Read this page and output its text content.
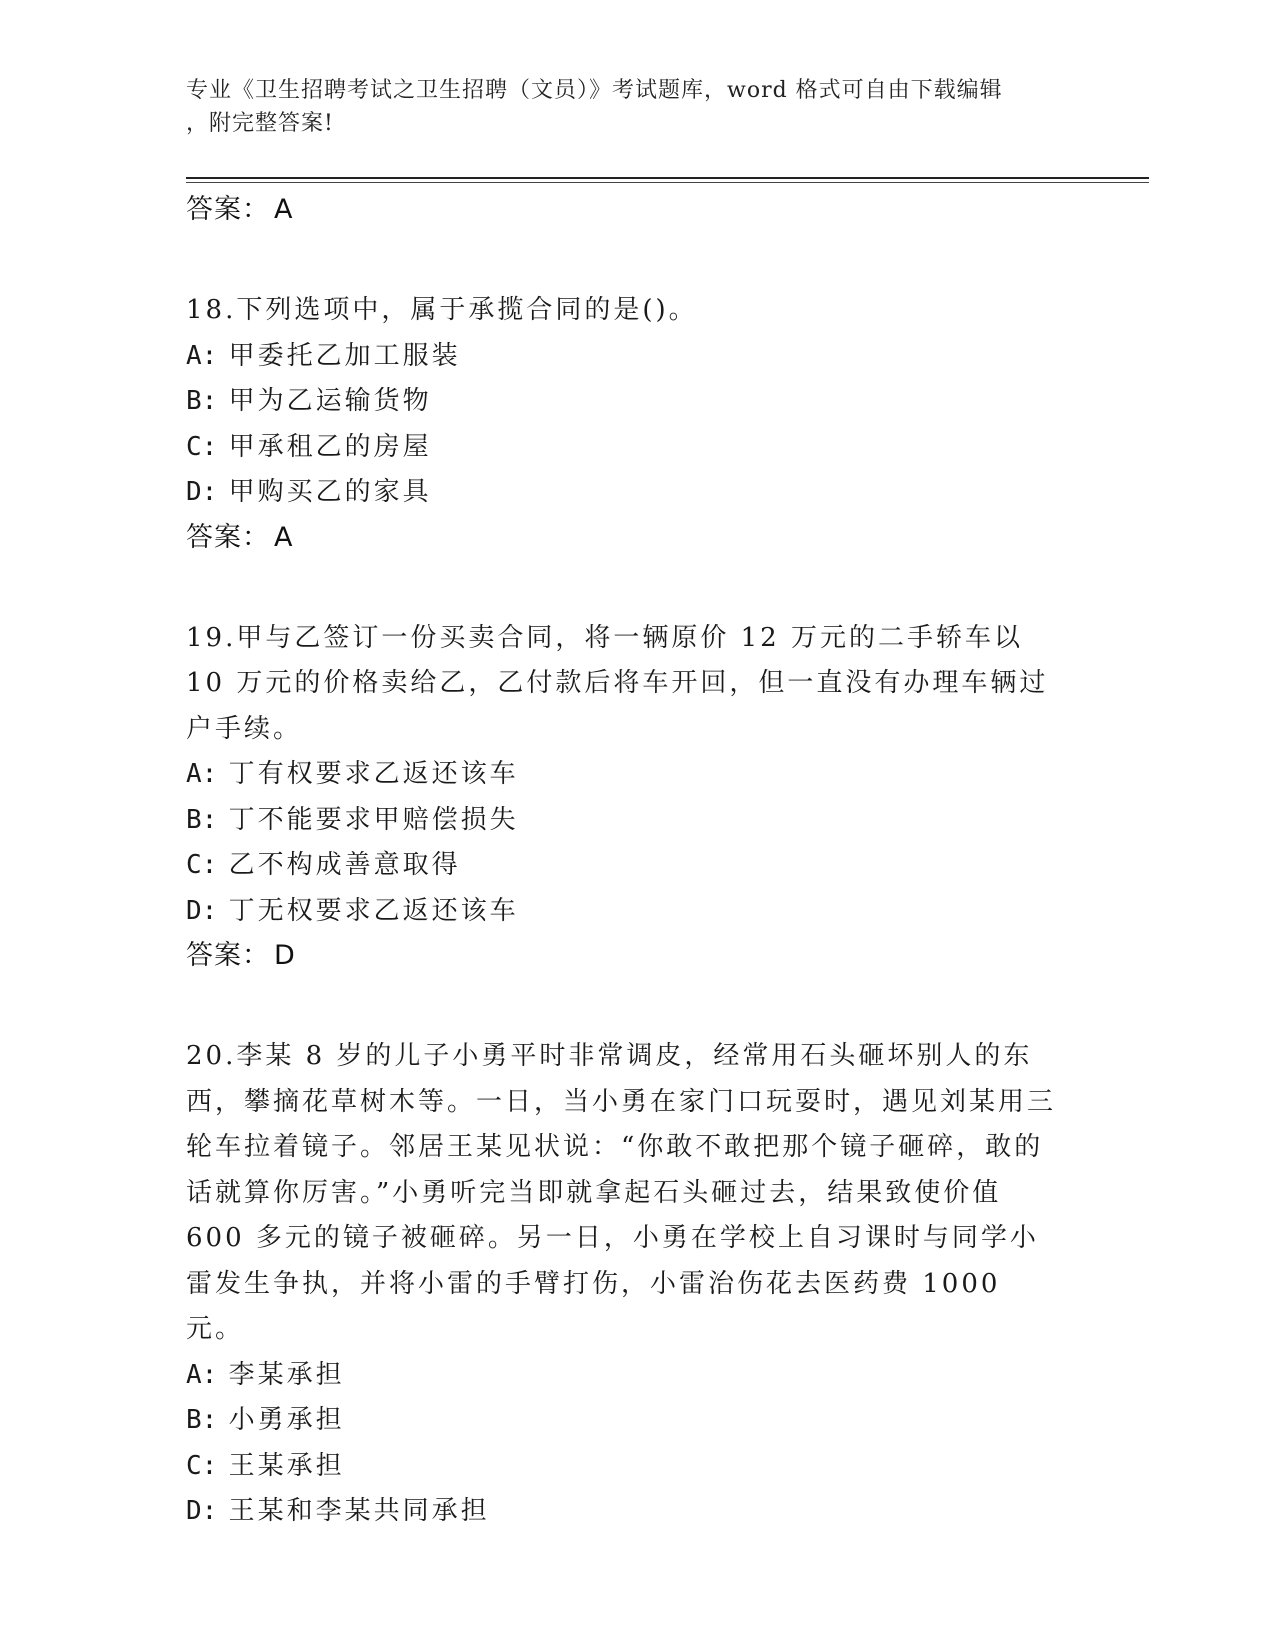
专业《卫生招聘考试之卫生招聘（文员）》考试题库，word 格式可自由下载编辑
，附完整答案!

答案： A

18.下列选项中，属于承揽合同的是()。

A: 甲委托乙加工服装

B: 甲为乙运输货物

C: 甲承租乙的房屋

D: 甲购买乙的家具

答案： A

19.甲与乙签订一份买卖合同，将一辆原价 12 万元的二手轿车以 10 万元的价格卖给乙，乙付款后将车开回，但一直没有办理车辆过户手续。

A: 丁有权要求乙返还该车

B: 丁不能要求甲赔偿损失

C: 乙不构成善意取得

D: 丁无权要求乙返还该车

答案： D

20.李某 8 岁的儿子小勇平时非常调皮，经常用石头砸坏别人的东西，攀摘花草树木等。一日，当小勇在家门口玩耍时，遇见刘某用三轮车拉着镜子。邻居王某见状说：“你敢不敢把那个镜子砸碎，敢的话就算你厉害。”小勇听完当即就拿起石头砸过去，结果致使价值 600 多元的镜子被砸碎。另一日，小勇在学校上自习课时与同学小雷发生争执，并将小雷的手臂打伤，小雷治伤花去医药费 1000 元。

A: 李某承担

B: 小勇承担

C: 王某承担

D: 王某和李某共同承担
